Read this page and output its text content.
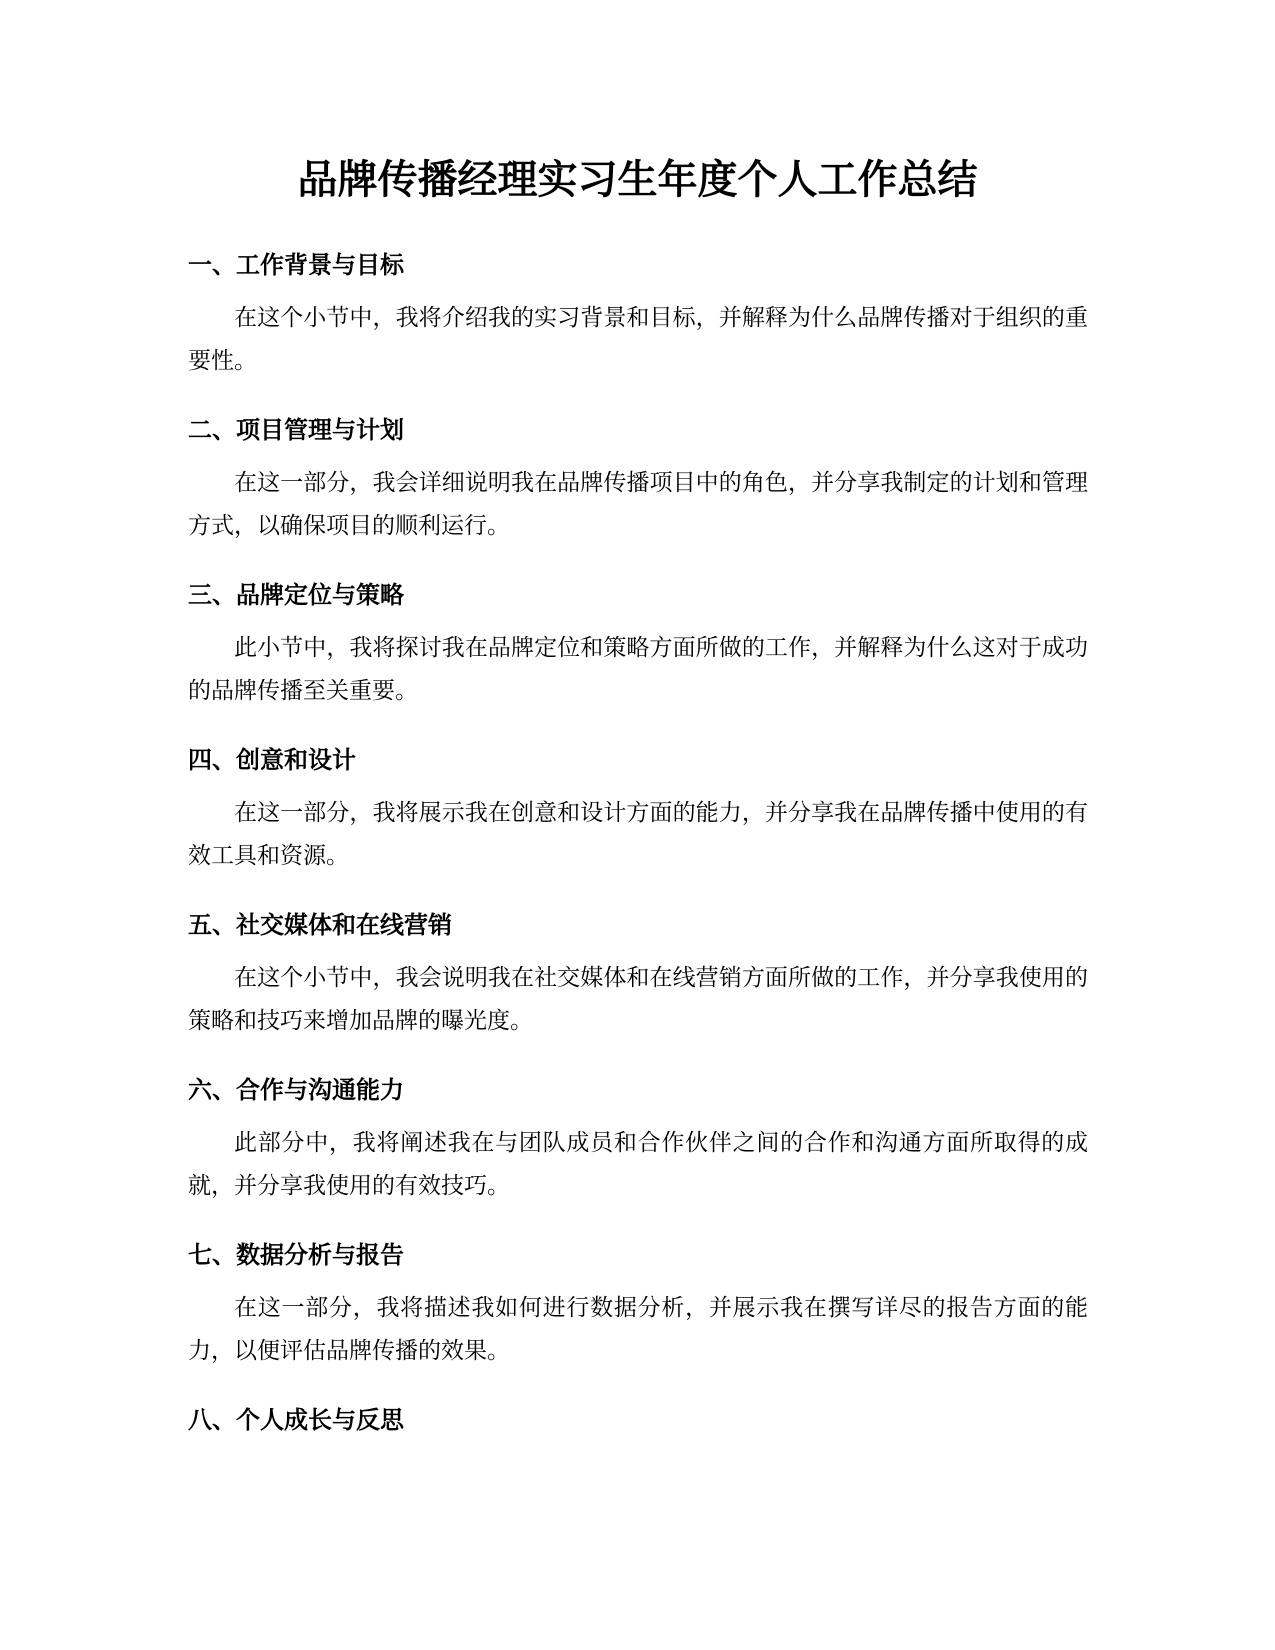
品牌传播经理实习生年度个人工作总结
一、工作背景与目标

在这个小节中，我将介绍我的实习背景和目标，并解释为什么品牌传播对于组织的重要性。

二、项目管理与计划

在这一部分，我会详细说明我在品牌传播项目中的角色，并分享我制定的计划和管理方式，以确保项目的顺利运行。

三、品牌定位与策略

此小节中，我将探讨我在品牌定位和策略方面所做的工作，并解释为什么这对于成功的品牌传播至关重要。

四、创意和设计

在这一部分，我将展示我在创意和设计方面的能力，并分享我在品牌传播中使用的有效工具和资源。

五、社交媒体和在线营销

在这个小节中，我会说明我在社交媒体和在线营销方面所做的工作，并分享我使用的策略和技巧来增加品牌的曝光度。

六、合作与沟通能力

此部分中，我将阐述我在与团队成员和合作伙伴之间的合作和沟通方面所取得的成就，并分享我使用的有效技巧。

七、数据分析与报告

在这一部分，我将描述我如何进行数据分析，并展示我在撰写详尽的报告方面的能力，以便评估品牌传播的效果。

八、个人成长与反思
